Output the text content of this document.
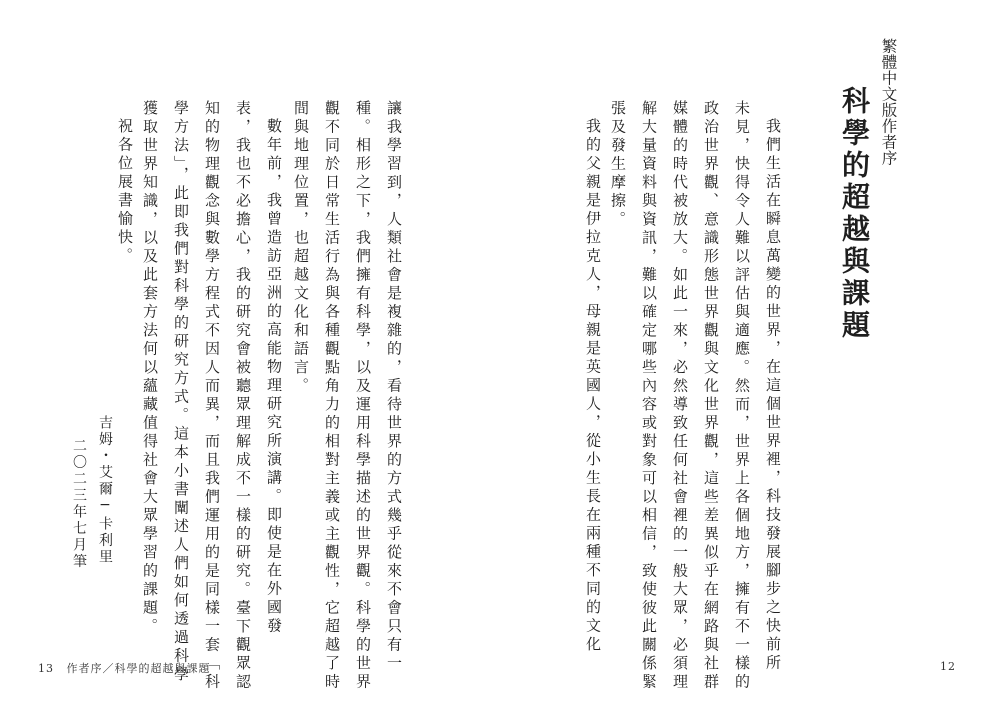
繁體中文版作者序
科學的超越與課題
我們生活在瞬息萬變的世界，在這個世界裡，科技發展腳步之快前所
未見，快得令人難以評估與適應。然而，世界上各個地方，擁有不一樣的
政治世界觀、意識形態世界觀與文化世界觀，這些差異似乎在網路與社群
媒體的時代被放大。如此一來，必然導致任何社會裡的一般大眾，必須理
解大量資料與資訊，難以確定哪些內容或對象可以相信，致使彼此關係緊
張及發生摩擦。
我的父親是伊拉克人，母親是英國人，從小生長在兩種不同的文化
讓我學習到，人類社會是複雜的，看待世界的方式幾乎從來不會只有一
種。相形之下，我們擁有科學，以及運用科學描述的世界觀。科學的世界
觀不同於日常生活行為與各種觀點角力的相對主義或主觀性，它超越了時
間與地理位置，也超越文化和語言。
數年前，我曾造訪亞洲的高能物理研究所演講。即使是在外國發
表，我也不必擔心，我的研究會被聽眾理解成不一樣的研究。臺下觀眾認
知的物理觀念與數學方程式不因人而異，而且我們運用的是同樣一套「科
學方法」，此即我們對科學的研究方式。這本小書闡述人們如何透過科學
獲取世界知識，以及此套方法何以蘊藏值得社會大眾學習的課題。
祝各位展書愉快。
吉姆・艾爾─卡利里
二〇二三年七月筆
13 作者序／科學的超越與課題	12
